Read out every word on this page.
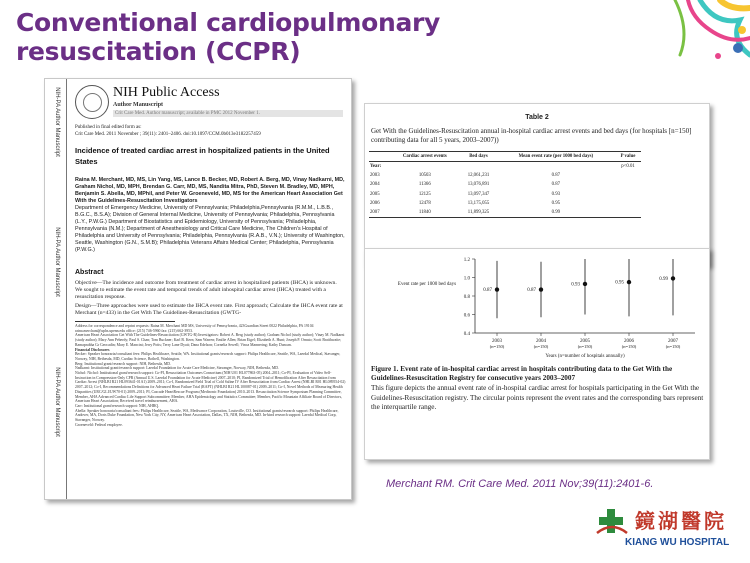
Conventional cardiopulmonary resuscitation (CCPR)
NIH-PA Author Manuscript
NIH-PA Author Manuscript
NIH-PA Author Manuscript
NIH Public Access
Author Manuscript
Crit Care Med. Author manuscript; available in PMC 2012 November 1.
Published in final edited form as:
Crit Care Med. 2011 November ; 39(11): 2401–2406. doi:10.1097/CCM.0b013e3182257459
Incidence of treated cardiac arrest in hospitalized patients in the United States
Raina M. Merchant, MD, MS, Lin Yang, MS, Lance B. Becker, MD, Robert A. Berg, MD, Vinay Nadkarni, MD, Graham Nichol, MD, MPH, Brendan G. Carr, MD, MS, Nandita Mitra, PhD, Steven M. Bradley, MD, MPH, Benjamin S. Abella, MD, MPhil, and Peter W. Groeneveld, MD, MS for the American Heart Association Get With the Guidelines-Resuscitation Investigators
Department of Emergency Medicine, University of Pennsylvania; Philadelphia,Pennsylvania (R.M.M., L.B.B., B.G.C., B.S.A); Division of General Internal Medicine, University of Pennsylvania; Philadelphia, Pennsylvania (L.Y., P.W.G.) Department of Biostatistics and Epidemiology, University of Pennsylvania; Philadelphia, Pennsylvania (N.M.); Department of Anesthesiology and Critical Care Medicine, The Children's Hospital of Philadelphia and University of Pennsylvania; Philadelphia, Pennsylvania (R.A.B., V.N.); University of Washington, Seattle, Washington (G.N., S.M.B); Philadelphia Veterans Affairs Medical Center; Philadelphia, Pennsylvania (P.W.G.)
Abstract
Objective—The incidence and outcome from treatment of cardiac arrest in hospitalized patients (IHCA) is unknown. We sought to estimate the event rate and temporal trends of adult inhospital cardiac arrest (IHCA) treated with a resuscitation response.
Design—Three approaches were used to estimate the IHCA event rate. First approach; Calculate the IHCA event rate at Merchant (n=433) in the Get With The Guidelines-Resuscitation (GWTG-
Address for correspondence and reprint requests: Raina M. Merchant MD MS, University of Pennsylvania, 423Guardian Street 0022 Philadelphia, PA 19104 raina.merchant@uphs.upenn.edu office: (215) 746-5960 fax: (215) 662-3953.
American Heart Association Get With The Guidelines-Resuscitation (GWTG-R) Investigators: Robert A. Berg (study author); Graham Nichol (study author); Vinay M. Nadkarni (study author); Mary Ann Peberdy; Paul S. Chan; Tom Buckner; Karl B. Kern; Sam Warren; Emilie Allen; Brian Eigel; Elizabeth A. Hunt; Joseph P. Ornato; Scott Braithwaite; Ramaprabha Gr Geocadin; Mary E. Mancini; Jerry Potts; Terry Lane Dyatt; Dana Edelson; Cornelia Sewell; Vinca Mannering; Kathy Duncan.
Financial Disclosures
Becker: Speaker honoraria/consultant fees: Philips Healthcare, Seattle, WA. Institutional grants/research support: Philips Healthcare, Seattle, WA, Laerdal Medical, Stavanger, Norway, NIH, Bethesda, MD, Cardiac Science, Bothell, Washington.
Berg: Institutional grant/research support: NIH, Bethesda, MD.
Nadkarni: Institutional grant/research support: Laerdal Foundation for Acute Care Medicine, Stavanger, Norway, NIH, Bethesda, MD.
Nichol: Nichol: Institutional grant/research support: Co-PI, Resuscitation Outcomes Consortium (NIH U01 HL077863-05) 2004–2011; Co-PI, Evaluation of Video Self-Instruction in Compression-Only CPR (Annual U.S. Laerdal Foundation for Acute Medicine) 2007–2010; PI, Randomized Trial of Hemofiltration After Resuscitation from Cardiac Arrest (NHLBI R21 HL093641-01A1) 2009–2011; Co-I, Randomized Field Trial of Cold Saline IV After Resuscitation from Cardiac Arrest (NHLBI R01 HL089554-02) 2007–2012; Co-I, Recommendations Definitions for Advanced Heart Failure Trial (RAFT) (NHLBI R21 HL100087-01) 2009–2011; Co-I, Novel Methods of Measuring Health Disparities (URC/GLI/UW70-01) 2009–2011; PI, Cascade HeartRescue Program (Medtronic Foundation) 2010–2013. Resuscitation Science Symposium Planning Committee, Member, AHA Advanced Cardiac Life Support Subcommittee; Member, AHA Epidemiology and Statistics Committee; Member, Pacific Mountain Affiliate Board of Directors, American Heart Association; Received travel reimbursement, AHA.
Carr: Institutional grant/research support: NIH, AHRQ.
Abella: Speaker honoraria/consultant fees: Philips Healthcare, Seattle, WA, Medivance Corporation, Louisville, CO. Institutional grants/research support: Philips Healthcare, Andover, MA, Doris Duke Foundation, New York City, NY, American Heart Association, Dallas, TX, NIH, Bethesda, MD. In-kind research support: Laerdal Medical Corp, Stavanger, Norway.
Groeneveld: Federal employee.
Table 2
Get With the Guidelines-Resuscitation annual in-hospital cardiac arrest events and bed days (for hospitals [n=150] contributing data for all 5 years, 2003–2007))
	Cardiac arrest events	Bed days	Mean event rate (per 1000 bed days)	P value
Year:				p<0.01
2003	10503	12,061,231	0.87	
2004	11366	13,076,891	0.87	
2005	12125	13,097,347	0.93	
2006	12478	13,175,055	0.95	
2007	11840	11,899,325	0.99	
1.2
1.0
0.8
0.6
0.4
Event rate per 1000 bed days
2003
(n=150)
2004
(n=150)
2005
(n=150)
2006
(n=150)
2007
(n=150)
Years (n=number of hospitals annually)
0.87	0.87
0.93	0.95
0.99
Figure 1. Event rate of in-hospital cardiac arrest in hospitals contributing data to the Get With the Guidelines-Resuscitation Registry for consecutive years 2003–2007
This figure depicts the annual event rate of in-hospital cardiac arrest for hospitals participating in the Get With the Guidelines-Resuscitation registry. The circular points represent the event rates and the corresponding bars represent the interquartile range.
Merchant RM. Crit Care Med. 2011 Nov;39(11):2401-6.
鏡湖醫院
KIANG WU HOSPITAL
